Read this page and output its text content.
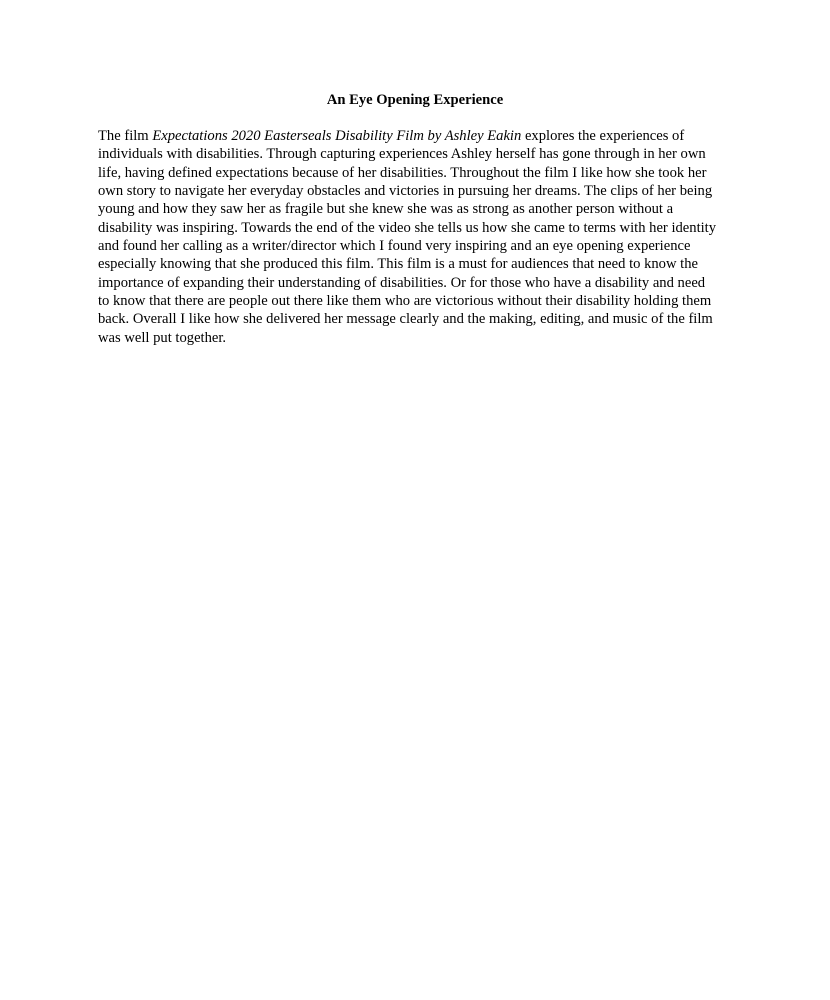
An Eye Opening Experience
The film Expectations 2020 Easterseals Disability Film by Ashley Eakin explores the experiences of
individuals with disabilities. Through capturing experiences Ashley herself has gone through in her own
life, having defined expectations because of her disabilities. Throughout the film I like how she took her
own story to navigate her everyday obstacles and victories in pursuing her dreams. The clips of her being
young and how they saw her as fragile but she knew she was as strong as another person without a
disability was inspiring. Towards the end of the video she tells us how she came to terms with her identity
and found her calling as a writer/director which I found very inspiring and an eye opening experience
especially knowing that she produced this film. This film is a must for audiences that need to know the
importance of expanding their understanding of disabilities. Or for those who have a disability and need
to know that there are people out there like them who are victorious without their disability holding them
back. Overall I like how she delivered her message clearly and the making, editing, and music of the film
was well put together.
